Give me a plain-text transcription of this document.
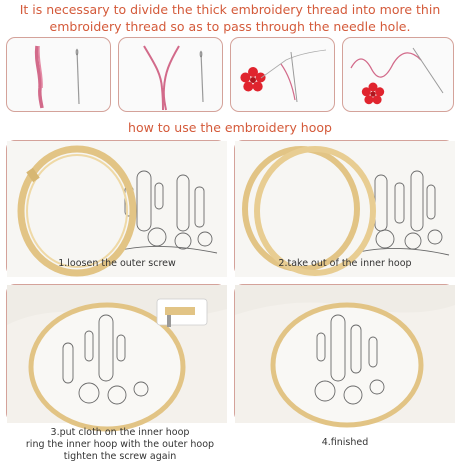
It is necessary to divide the thick embroidery thread into more thin
embroidery thread so as to pass through the needle hole.
how to use the embroidery hoop
1.loosen the outer screw	2.take out of the inner hoop
3.put cloth on the inner hoop
ring the inner hoop with the outer hoop
tighten the screw again
4.finished
